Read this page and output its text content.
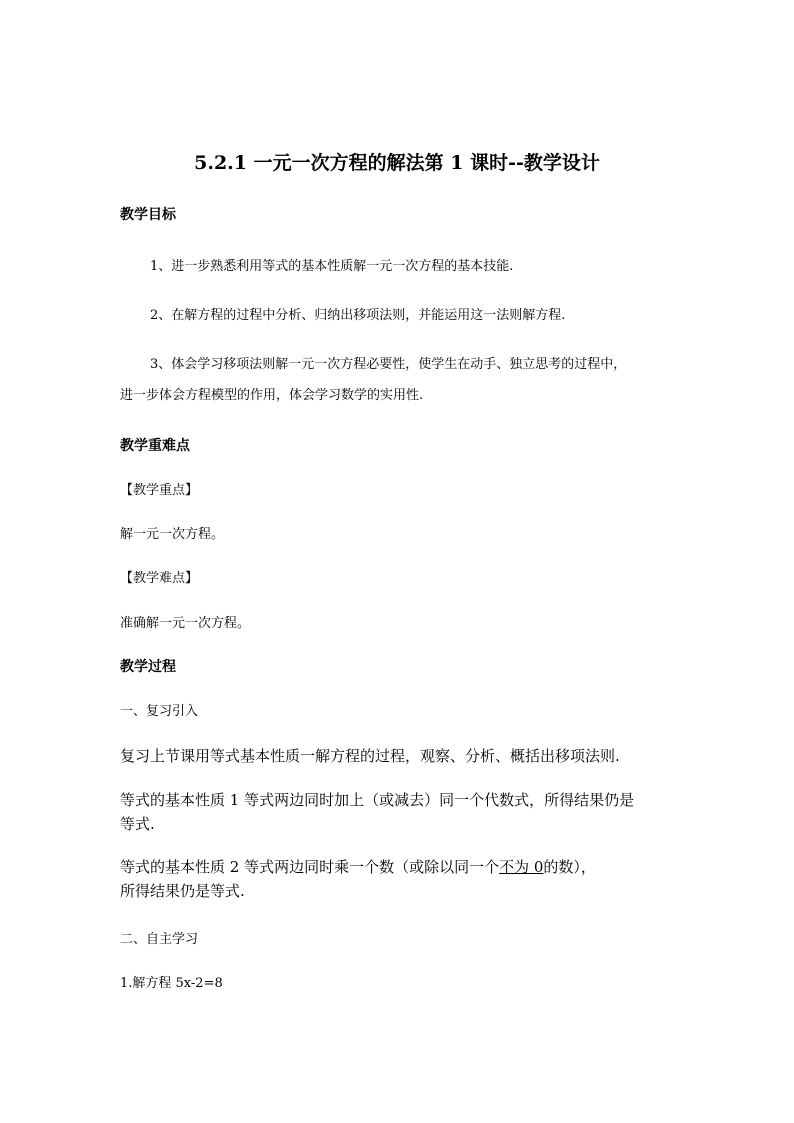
5.2.1 一元一次方程的解法第 1 课时--教学设计
教学目标
1、进一步熟悉利用等式的基本性质解一元一次方程的基本技能.
2、在解方程的过程中分析、归纳出移项法则，并能运用这一法则解方程.
3、体会学习移项法则解一元一次方程必要性，使学生在动手、独立思考的过程中，
进一步体会方程模型的作用，体会学习数学的实用性.
教学重难点
【教学重点】
解一元一次方程。
【教学难点】
准确解一元一次方程。
教学过程
一、复习引入
复习上节课用等式基本性质一解方程的过程，观察、分析、概括出移项法则.
等式的基本性质 1 等式两边同时加上（或减去）同一个代数式，所得结果仍是
等式.
等式的基本性质 2 等式两边同时乘一个数（或除以同一个不为 0的数），
所得结果仍是等式.
二、自主学习
1.解方程 5x-2=8
